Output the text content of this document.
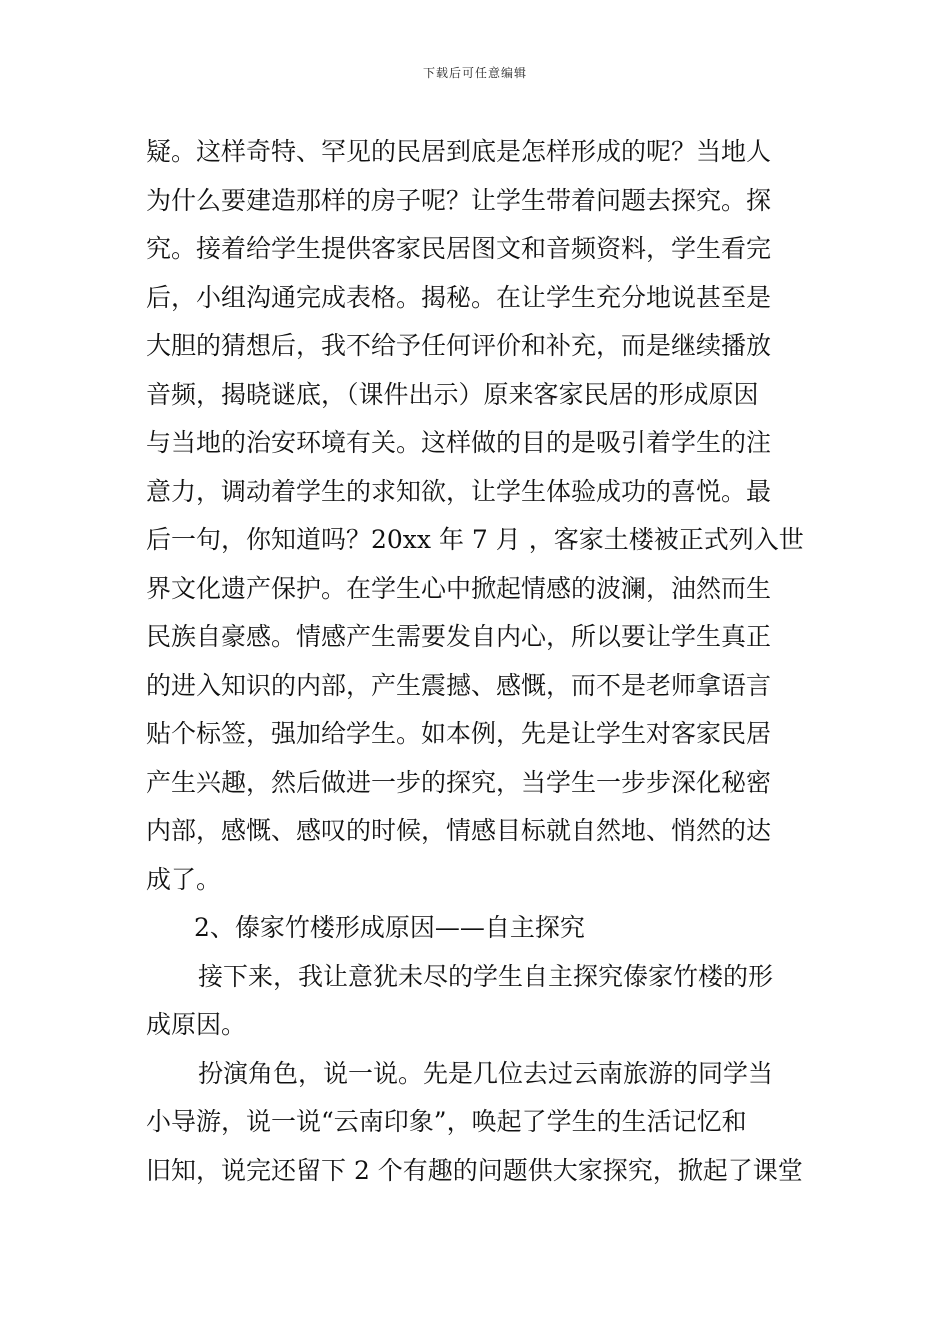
下载后可任意编辑
疑。这样奇特、罕见的民居到底是怎样形成的呢？当地人
为什么要建造那样的房子呢？让学生带着问题去探究。探
究。接着给学生提供客家民居图文和音频资料，学生看完
后，小组沟通完成表格。揭秘。在让学生充分地说甚至是
大胆的猜想后，我不给予任何评价和补充，而是继续播放
音频，揭晓谜底，（课件出示）原来客家民居的形成原因
与当地的治安环境有关。这样做的目的是吸引着学生的注
意力，调动着学生的求知欲，让学生体验成功的喜悦。最
后一句，你知道吗？20xx 年 7 月 ，客家土楼被正式列入世
界文化遗产保护。在学生心中掀起情感的波澜，油然而生
民族自豪感。情感产生需要发自内心，所以要让学生真正
的进入知识的内部，产生震撼、感慨，而不是老师拿语言
贴个标签，强加给学生。如本例，先是让学生对客家民居
产生兴趣，然后做进一步的探究，当学生一步步深化秘密
内部，感慨、感叹的时候，情感目标就自然地、悄然的达
成了。
2、傣家竹楼形成原因——自主探究
接下来，我让意犹未尽的学生自主探究傣家竹楼的形
成原因。
扮演角色，说一说。先是几位去过云南旅游的同学当
小导游，说一说“云南印象”，唤起了学生的生活记忆和
旧知，说完还留下 2 个有趣的问题供大家探究，掀起了课堂
